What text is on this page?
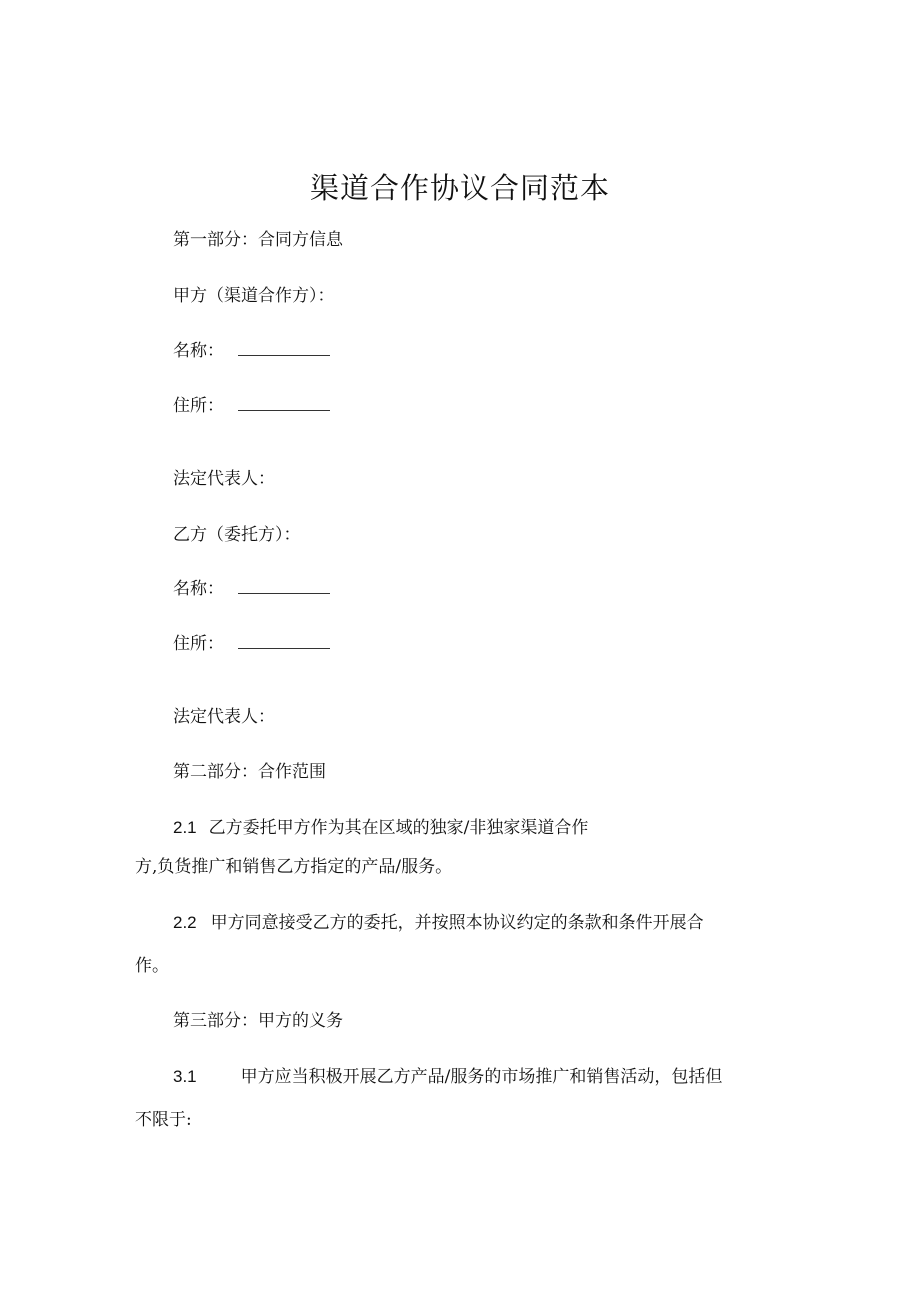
渠道合作协议合同范本
第一部分：合同方信息
甲方（渠道合作方）：
名称：
住所：
法定代表人：
乙方（委托方）：
名称：
住所：
法定代表人：
第二部分：合作范围
2.1 乙方委托甲方作为其在区域的独家/非独家渠道合作
方,负货推广和销售乙方指定的产品/服务。
2.2 甲方同意接受乙方的委托，并按照本协议约定的条款和条件开展合
作。
第三部分：甲方的义务
3.1	甲方应当积极开展乙方产品/服务的市场推广和销售活动，包括但
不限于:
